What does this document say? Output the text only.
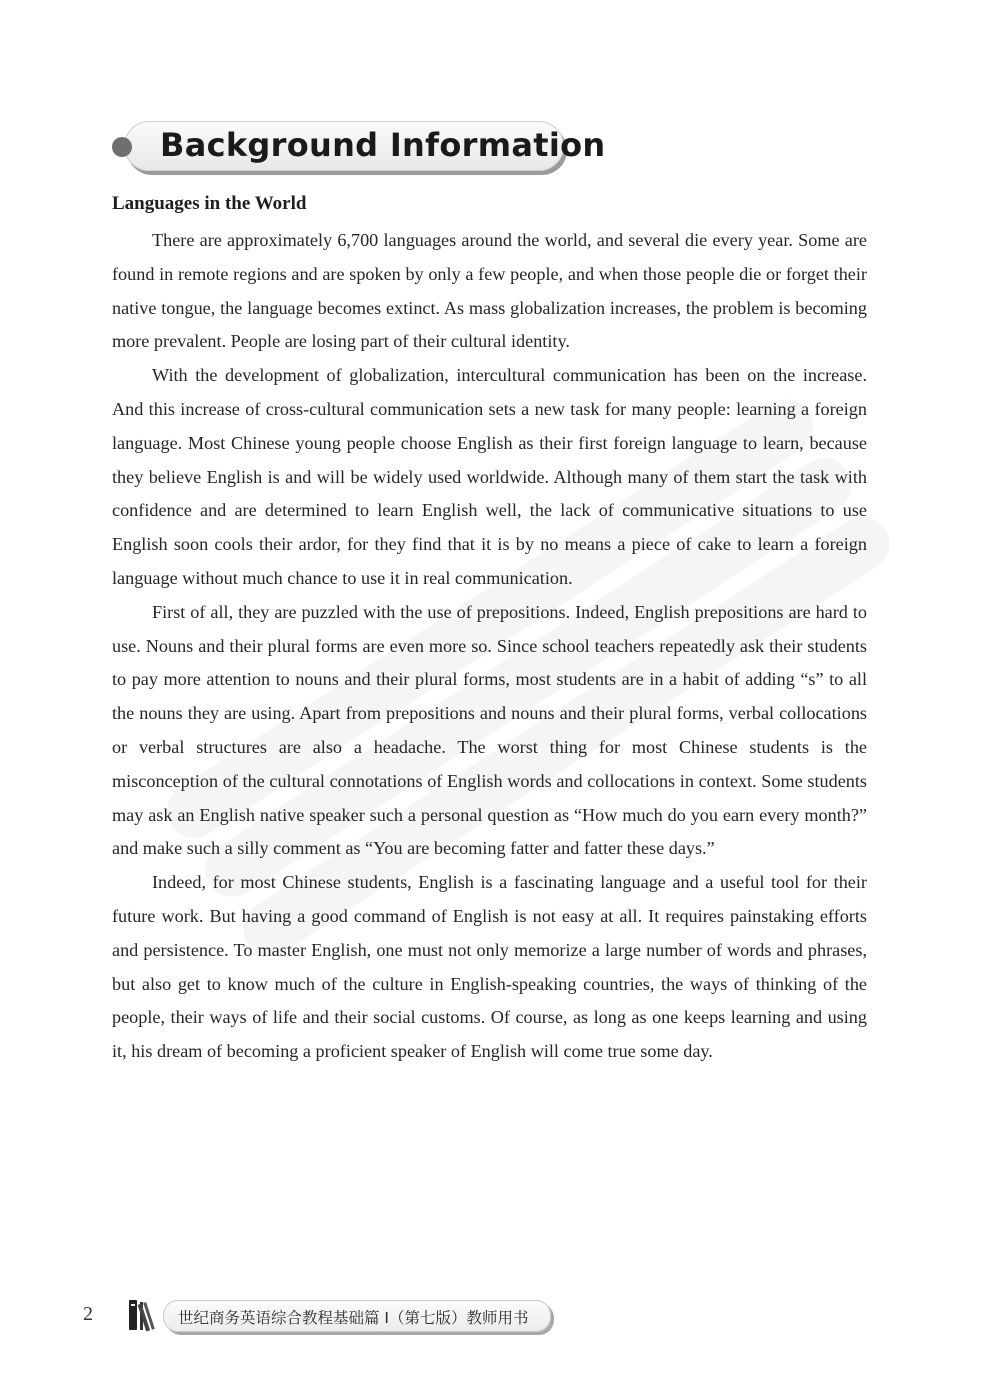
Background Information
Languages in the World

There are approximately 6,700 languages around the world, and several die every year. Some are found in remote regions and are spoken by only a few people, and when those people die or forget their native tongue, the language becomes extinct. As mass globalization increases, the problem is becoming more prevalent. People are losing part of their cultural identity.

With the development of globalization, intercultural communication has been on the increase. And this increase of cross-cultural communication sets a new task for many people: learning a foreign language. Most Chinese young people choose English as their first foreign language to learn, because they believe English is and will be widely used worldwide. Although many of them start the task with confidence and are determined to learn English well, the lack of communicative situations to use English soon cools their ardor, for they find that it is by no means a piece of cake to learn a foreign language without much chance to use it in real communication.

First of all, they are puzzled with the use of prepositions. Indeed, English prepositions are hard to use. Nouns and their plural forms are even more so. Since school teachers repeatedly ask their students to pay more attention to nouns and their plural forms, most students are in a habit of adding “s” to all the nouns they are using. Apart from prepositions and nouns and their plural forms, verbal collocations or verbal structures are also a headache. The worst thing for most Chinese students is the misconception of the cultural connotations of English words and collocations in context. Some students may ask an English native speaker such a personal question as “How much do you earn every month?” and make such a silly comment as “You are becoming fatter and fatter these days.”

Indeed, for most Chinese students, English is a fascinating language and a useful tool for their future work. But having a good command of English is not easy at all. It requires painstaking efforts and persistence. To master English, one must not only memorize a large number of words and phrases, but also get to know much of the culture in English-speaking countries, the ways of thinking of the people, their ways of life and their social customs. Of course, as long as one keeps learning and using it, his dream of becoming a proficient speaker of English will come true some day.

2	世纪商务英语综合教程基础篇 I（第七版）教师用书
